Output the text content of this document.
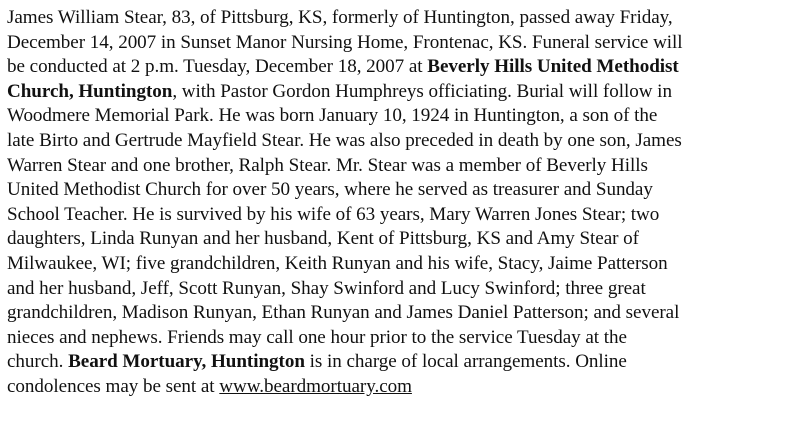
James William Stear, 83, of Pittsburg, KS, formerly of Huntington, passed away Friday,
December 14, 2007 in Sunset Manor Nursing Home, Frontenac, KS. Funeral service will
be conducted at 2 p.m. Tuesday, December 18, 2007 at Beverly Hills United Methodist
Church, Huntington, with Pastor Gordon Humphreys officiating. Burial will follow in
Woodmere Memorial Park. He was born January 10, 1924 in Huntington, a son of the
late Birto and Gertrude Mayfield Stear. He was also preceded in death by one son, James
Warren Stear and one brother, Ralph Stear. Mr. Stear was a member of Beverly Hills
United Methodist Church for over 50 years, where he served as treasurer and Sunday
School Teacher. He is survived by his wife of 63 years, Mary Warren Jones Stear; two
daughters, Linda Runyan and her husband, Kent of Pittsburg, KS and Amy Stear of
Milwaukee, WI; five grandchildren, Keith Runyan and his wife, Stacy, Jaime Patterson
and her husband, Jeff, Scott Runyan, Shay Swinford and Lucy Swinford; three great
grandchildren, Madison Runyan, Ethan Runyan and James Daniel Patterson; and several
nieces and nephews. Friends may call one hour prior to the service Tuesday at the
church. Beard Mortuary, Huntington is in charge of local arrangements. Online
condolences may be sent at www.beardmortuary.com
